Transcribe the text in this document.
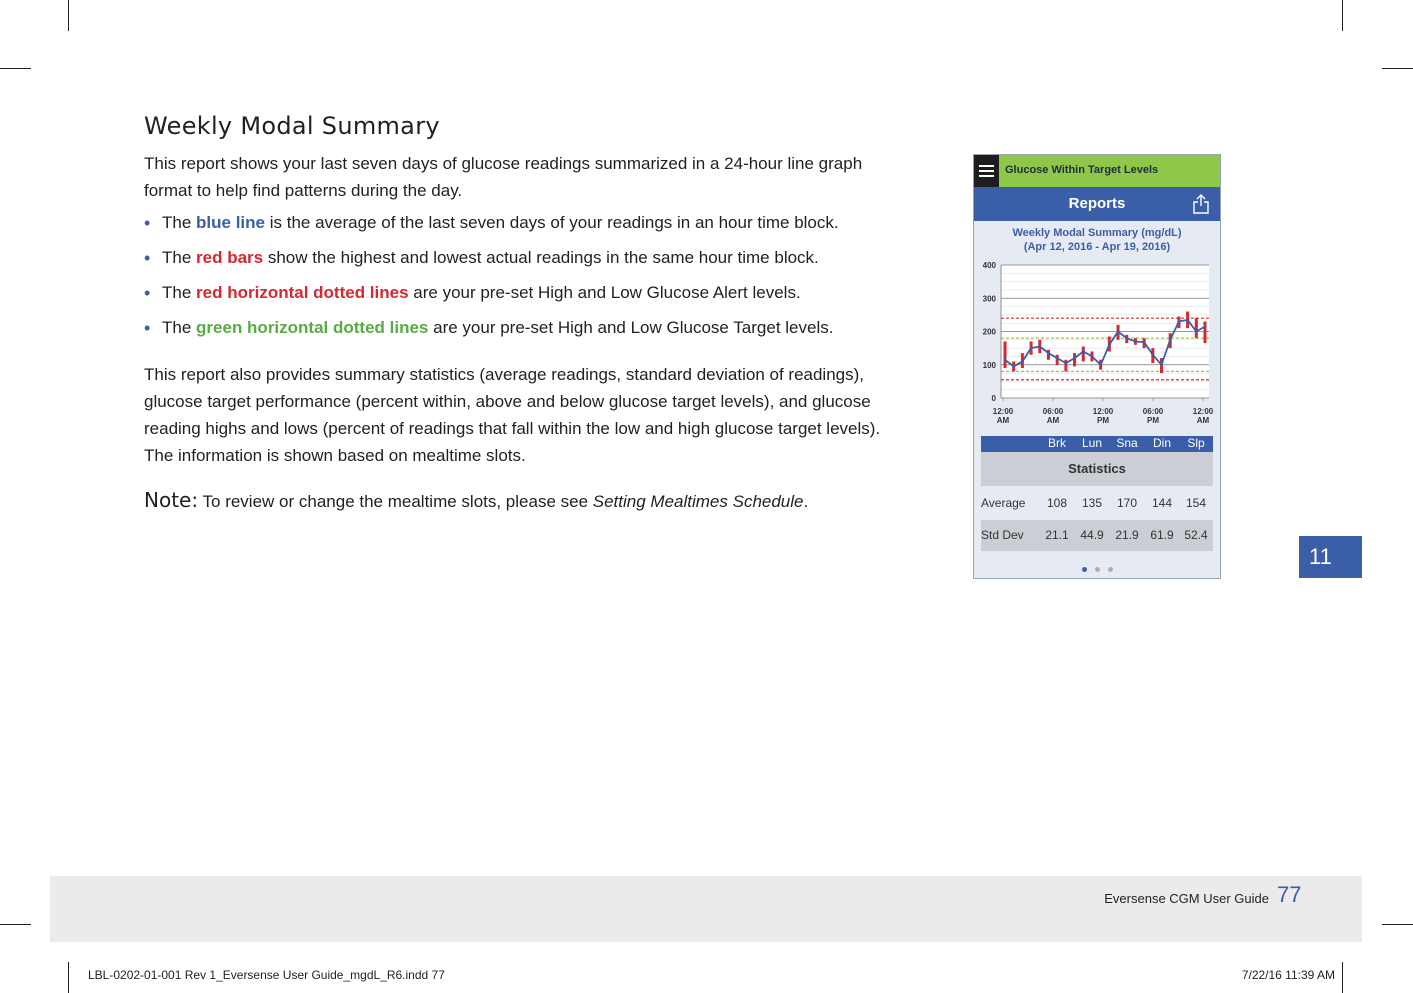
Weekly Modal Summary
This report shows your last seven days of glucose readings summarized in a 24-hour line graph format to help find patterns during the day.
• The blue line is the average of the last seven days of your readings in an hour time block.
• The red bars show the highest and lowest actual readings in the same hour time block.
• The red horizontal dotted lines are your pre-set High and Low Glucose Alert levels.
• The green horizontal dotted lines are your pre-set High and Low Glucose Target levels.
This report also provides summary statistics (average readings, standard deviation of readings), glucose target performance (percent within, above and below glucose target levels), and glucose reading highs and lows (percent of readings that fall within the low and high glucose target levels). The information is shown based on mealtime slots.
Note: To review or change the mealtime slots, please see Setting Mealtimes Schedule.
Glucose Within Target Levels
Reports
Weekly Modal Summary (mg/dL)
(Apr 12, 2016 - Apr 19, 2016)
400
300
200
100
0
12:00 AM
06:00 AM
12:00 PM
06:00 PM
12:00 AM
Brk	Lun	Sna	Din	Slp
Statistics
Average	108	135	170	144	154
Std Dev	21.1 44.9 21.9 61.9 52.4
11
Eversense CGM User Guide 77
LBL-0202-01-001 Rev 1_Eversense User Guide_mgdL_R6.indd 77	7/22/16 11:39 AM
